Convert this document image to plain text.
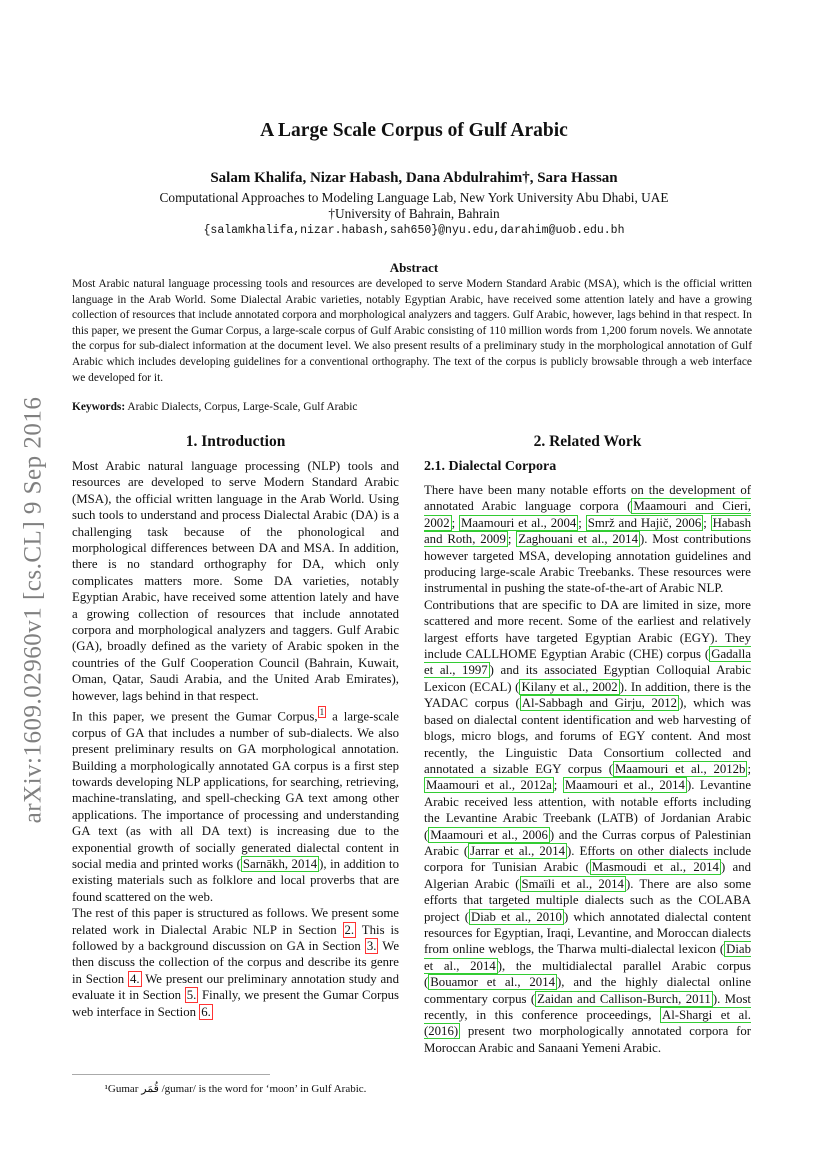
arXiv:1609.02960v1 [cs.CL] 9 Sep 2016
A Large Scale Corpus of Gulf Arabic
Salam Khalifa, Nizar Habash, Dana Abdulrahim†, Sara Hassan
Computational Approaches to Modeling Language Lab, New York University Abu Dhabi, UAE
†University of Bahrain, Bahrain
{salamkhalifa,nizar.habash,sah650}@nyu.edu,darahim@uob.edu.bh
Abstract

Most Arabic natural language processing tools and resources are developed to serve Modern Standard Arabic (MSA), which is the official written language in the Arab World. Some Dialectal Arabic varieties, notably Egyptian Arabic, have received some attention lately and have a growing collection of resources that include annotated corpora and morphological analyzers and taggers. Gulf Arabic, however, lags behind in that respect. In this paper, we present the Gumar Corpus, a large-scale corpus of Gulf Arabic consisting of 110 million words from 1,200 forum novels. We annotate the corpus for sub-dialect information at the document level. We also present results of a preliminary study in the morphological annotation of Gulf Arabic which includes developing guidelines for a conventional orthography. The text of the corpus is publicly browsable through a web interface we developed for it.

Keywords: Arabic Dialects, Corpus, Large-Scale, Gulf Arabic

1. Introduction

Most Arabic natural language processing (NLP) tools and resources are developed to serve Modern Standard Arabic (MSA), the official written language in the Arab World. Using such tools to understand and process Dialectal Arabic (DA) is a challenging task because of the phonological and morphological differences between DA and MSA. In addition, there is no standard orthography for DA, which only complicates matters more. Some DA varieties, notably Egyptian Arabic, have received some attention lately and have a growing collection of resources that include annotated corpora and morphological analyzers and taggers. Gulf Arabic (GA), broadly defined as the variety of Arabic spoken in the countries of the Gulf Cooperation Council (Bahrain, Kuwait, Oman, Qatar, Saudi Arabia, and the United Arab Emirates), however, lags behind in that respect.

In this paper, we present the Gumar Corpus, $^1$ a large-scale corpus of GA that includes a number of sub-dialects. We also present preliminary results on GA morphological annotation. Building a morphologically annotated GA corpus is a first step towards developing NLP applications, for searching, retrieving, machine-translating, and spell-checking GA text among other applications. The importance of processing and understanding GA text (as with all DA text) is increasing due to the exponential growth of socially generated dialectal content in social media and printed works ( Sarnākh, 2014 ), in addition to existing materials such as folklore and local proverbs that are found scattered on the web.

The rest of this paper is structured as follows. We present some related work in Dialectal Arabic NLP in Section 2. This is followed by a background discussion on GA in Section 3. We then discuss the collection of the corpus and describe its genre in Section 4. We present our preliminary annotation study and evaluate it in Section 5. Finally, we present the Gumar Corpus web interface in Section 6.

2. Related Work
2.1. Dialectal Corpora

There have been many notable efforts on the development of annotated Arabic language corpora ( Maamouri and Cieri, 2002 ; Maamouri et al., 2004 ; Smrž and Hajič, 2006 ; Habash and Roth, 2009 ; Zaghouani et al., 2014 ). Most contributions however targeted MSA, developing annotation guidelines and producing large-scale Arabic Treebanks. These resources were instrumental in pushing the state-of-the-art of Arabic NLP.

Contributions that are specific to DA are limited in size, more scattered and more recent. Some of the earliest and relatively largest efforts have targeted Egyptian Arabic (EGY). They include CALLHOME Egyptian Arabic (CHE) corpus ( Gadalla et al., 1997 ) and its associated Egyptian Colloquial Arabic Lexicon (ECAL) ( Kilany et al., 2002 ). In addition, there is the YADAC corpus ( Al-Sabbagh and Girju, 2012 ), which was based on dialectal content identification and web harvesting of blogs, micro blogs, and forums of EGY content. And most recently, the Linguistic Data Consortium collected and annotated a sizable EGY corpus ( Maamouri et al., 2012b ; Maamouri et al., 2012a ; Maamouri et al., 2014 ). Levantine Arabic received less attention, with notable efforts including the Levantine Arabic Treebank (LATB) of Jordanian Arabic ( Maamouri et al., 2006 ) and the Curras corpus of Palestinian Arabic ( Jarrar et al., 2014 ). Efforts on other dialects include corpora for Tunisian Arabic ( Masmoudi et al., 2014 ) and Algerian Arabic ( Smaïli et al., 2014 ). There are also some efforts that targeted multiple dialects such as the COLABA project ( Diab et al., 2010 ) which annotated dialectal content resources for Egyptian, Iraqi, Levantine, and Moroccan dialects from online weblogs, the Tharwa multi-dialectal lexicon ( Diab et al., 2014 ), the multidialectal parallel Arabic corpus ( Bouamor et al., 2014 ), and the highly dialectal online commentary corpus ( Zaidan and Callison-Burch, 2011 ). Most recently, in this conference proceedings, Al-Shargi et al. (2016) present two morphologically annotated corpora for Moroccan Arabic and Sanaani Yemeni Arabic.

¹Gumar قُمَر /gumar/ is the word for ‘moon’ in Gulf Arabic.
